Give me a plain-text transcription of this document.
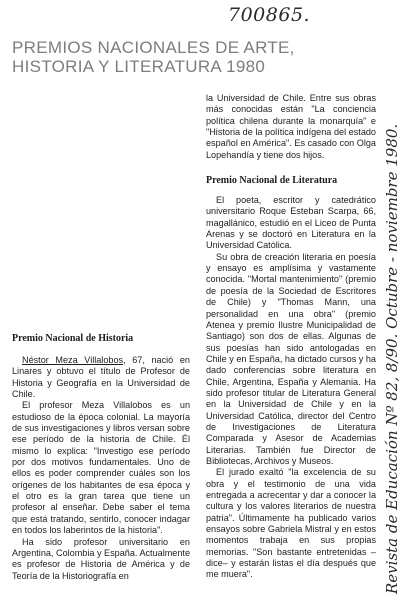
700865.
PREMIOS NACIONALES DE ARTE,
HISTORIA Y LITERATURA 1980
Premio Nacional de Historia

Néstor Meza Villalobos, 67, nació en Linares y obtuvo el título de Profesor de Historia y Geografía en la Universidad de Chile.

El profesor Meza Villalobos es un estudioso de la época colonial. La mayoría de sus investigaciones y libros versan sobre ese período de la historia de Chile. Él mismo lo explica: "Investigo ese período por dos motivos fundamentales. Uno de ellos es poder comprender cuáles son los orígenes de los habitantes de esa época y el otro es la gran tarea que tiene un profesor al enseñar. Debe saber el tema que está tratando, sentirlo, conocer indagar en todos los laberintos de la historia".

Ha sido profesor universitario en Argentina, Colombia y España. Actualmente es profesor de Historia de América y de Teoría de la Historiografía en

la Universidad de Chile. Entre sus obras más conocidas están "La conciencia política chilena durante la monarquía" e "Historia de la política indígena del estado español en América". Es casado con Olga Lopehandía y tiene dos hijos.
Premio Nacional de Literatura

El poeta, escritor y catedrático universitario Roque Esteban Scarpa, 66, magallánico, estudió en el Liceo de Punta Arenas y se doctoró en Literatura en la Universidad Católica.

Su obra de creación literaria en poesía y ensayo es amplísima y vastamente conocida. "Mortal mantenimiento" (premio de poesía de la Sociedad de Escritores de Chile) y "Thomas Mann, una personalidad en una obra" (premio Atenea y premio Ilustre Municipalidad de Santiago) son dos de ellas. Algunas de sus poesías han sido antologadas en Chile y en España, ha dictado cursos y ha dado conferencias sobre literatura en Chile, Argentina, España y Alemania. Ha sido profesor titular de Literatura General en la Universidad de Chile y en la Universidad Católica, director del Centro de Investigaciones de Literatura Comparada y Asesor de Academias Literarias. También fue Director de Bibliotecas, Archivos y Museos.

El jurado exaltó "la excelencia de su obra y el testimonio de una vida entregada a acrecentar y dar a conocer la cultura y los valores literarios de nuestra patria". Últimamente ha publicado varios ensayos sobre Gabriela Mistral y en estos momentos trabaja en sus propias memorias. "Son bastante entretenidas –dice– y estarán listas el día después que me muera".	Revista de Educación Nº 82, 8/90. Octubre - noviembre 1980.
